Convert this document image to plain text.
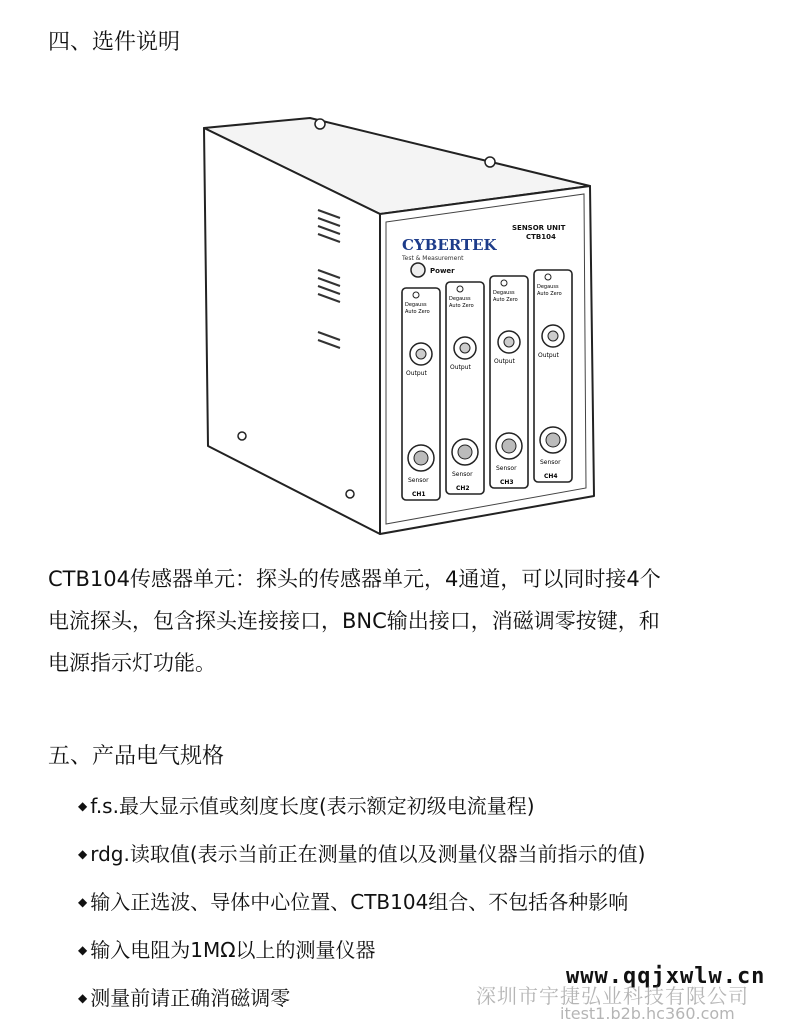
四、选件说明
CYBERTEK
Test & Measurement
SENSOR UNIT
CTB104
Power
Degauss
Auto Zero
Output
Sensor
CH1
Degauss
Auto Zero
Output
Sensor
CH2
Degauss
Auto Zero
Output
Sensor
CH3
Degauss
Auto Zero
Output
Sensor
CH4
CTB104传感器单元：探头的传感器单元，4通道，可以同时接4个
电流探头，包含探头连接接口，BNC输出接口，消磁调零按键，和
电源指示灯功能。
五、产品电气规格
◆ f.s.最大显示值或刻度长度(表示额定初级电流量程)
◆ rdg.读取值(表示当前正在测量的值以及测量仪器当前指示的值)
◆ 输入正选波、导体中心位置、CTB104组合、不包括各种影响
◆ 输入电阻为1MΩ以上的测量仪器
◆ 测量前请正确消磁调零
www.qqjxwlw.cn
深圳市宇捷弘业科技有限公司
itest1.b2b.hc360.com
